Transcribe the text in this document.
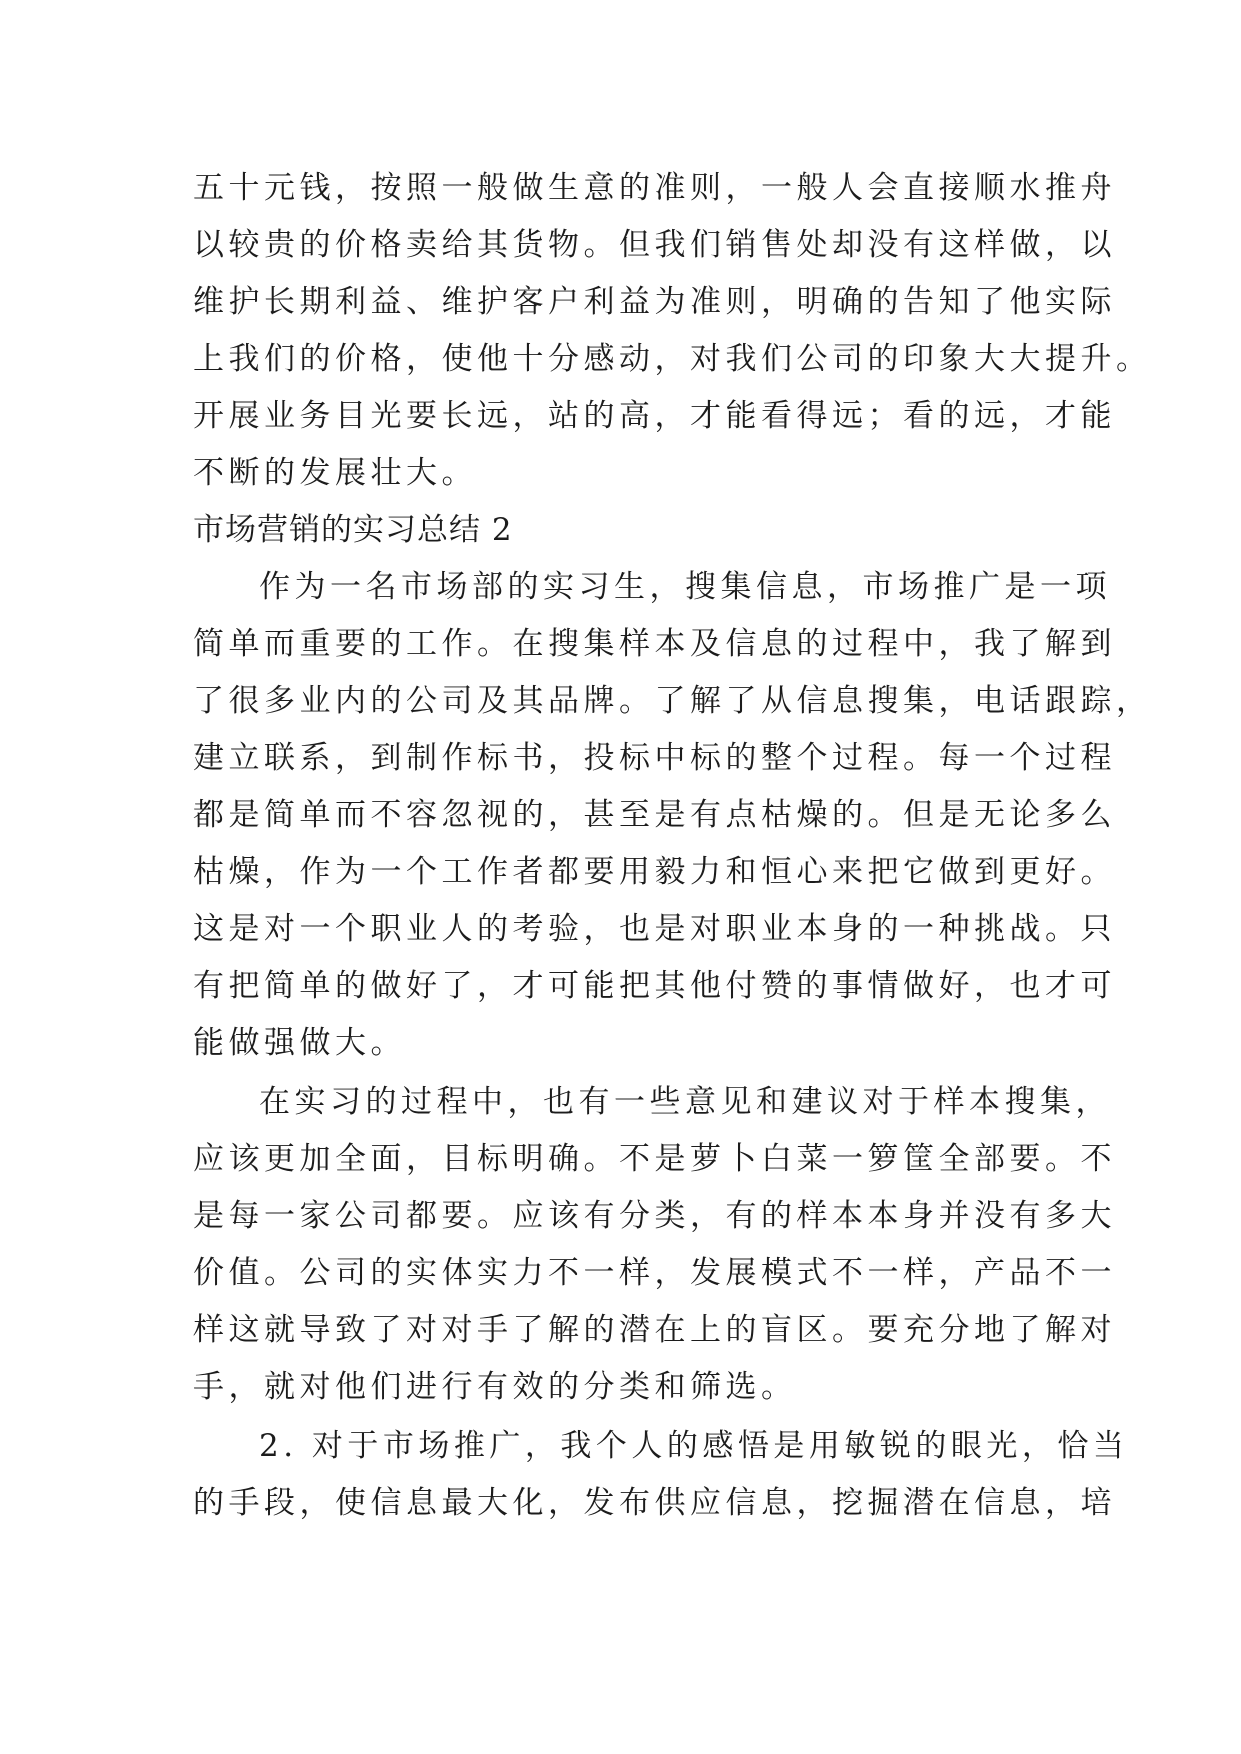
五十元钱，按照一般做生意的准则，一般人会直接顺水推舟
以较贵的价格卖给其货物。但我们销售处却没有这样做，以
维护长期利益、维护客户利益为准则，明确的告知了他实际
上我们的价格，使他十分感动，对我们公司的印象大大提升。
开展业务目光要长远，站的高，才能看得远；看的远，才能
不断的发展壮大。
市场营销的实习总结 2
作为一名市场部的实习生，搜集信息，市场推广是一项
简单而重要的工作。在搜集样本及信息的过程中，我了解到
了很多业内的公司及其品牌。了解了从信息搜集，电话跟踪，
建立联系，到制作标书，投标中标的整个过程。每一个过程
都是简单而不容忽视的，甚至是有点枯燥的。但是无论多么
枯燥，作为一个工作者都要用毅力和恒心来把它做到更好。
这是对一个职业人的考验，也是对职业本身的一种挑战。只
有把简单的做好了，才可能把其他付赞的事情做好，也才可
能做强做大。
在实习的过程中，也有一些意见和建议对于样本搜集，
应该更加全面，目标明确。不是萝卜白菜一箩筐全部要。不
是每一家公司都要。应该有分类，有的样本本身并没有多大
价值。公司的实体实力不一样，发展模式不一样，产品不一
样这就导致了对对手了解的潜在上的盲区。要充分地了解对
手，就对他们进行有效的分类和筛选。
2. 对于市场推广，我个人的感悟是用敏锐的眼光，恰当
的手段，使信息最大化，发布供应信息，挖掘潜在信息，培
